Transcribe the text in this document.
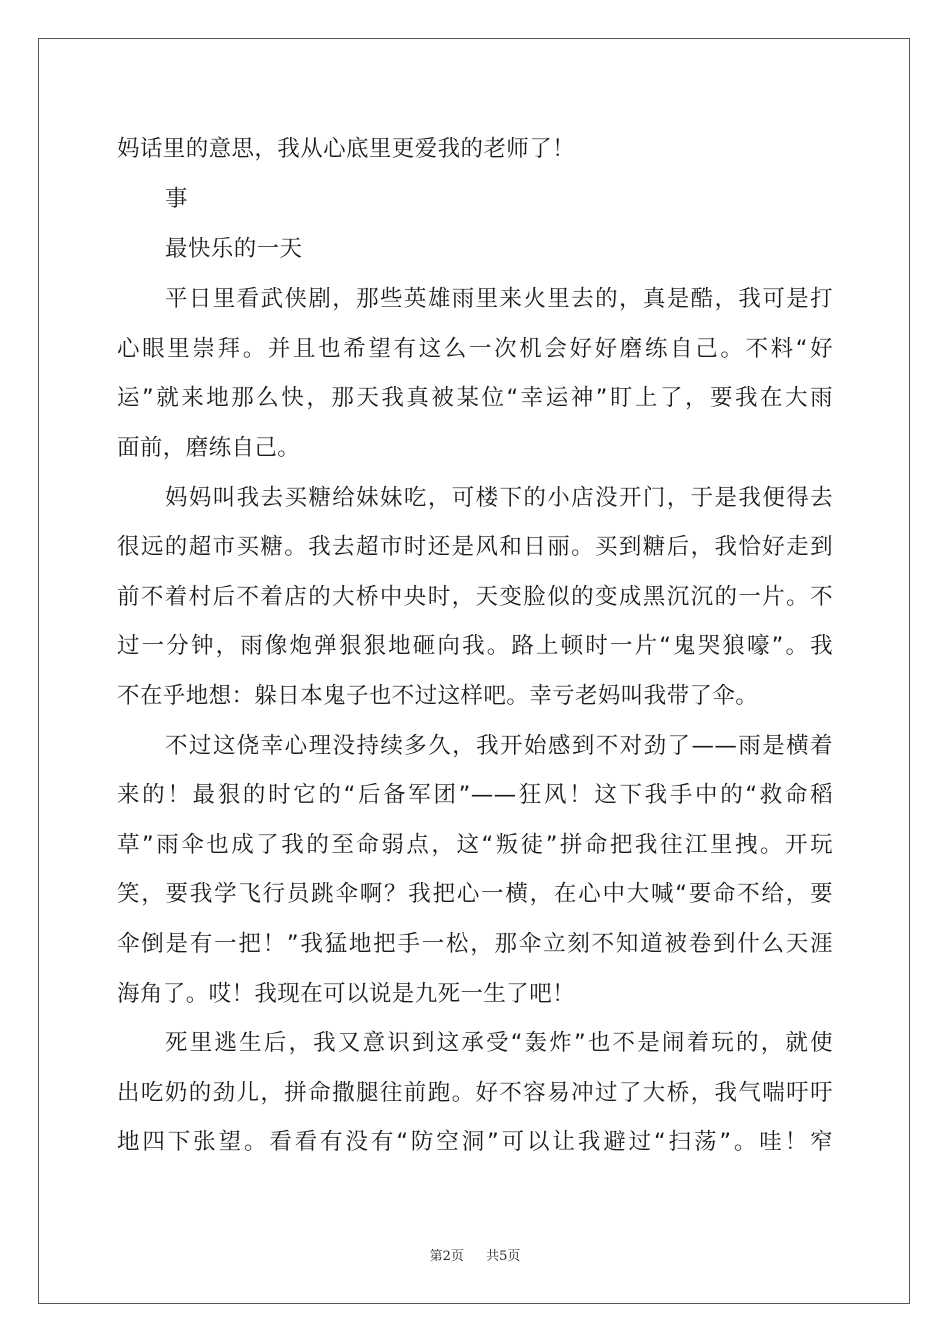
妈话里的意思，我从心底里更爱我的老师了！
事
最快乐的一天
平日里看武侠剧，那些英雄雨里来火里去的，真是酷，我可是打
心眼里崇拜。并且也希望有这么一次机会好好磨练自己。不料“好
运”就来地那么快，那天我真被某位“幸运神”盯上了，要我在大雨
面前，磨练自己。
妈妈叫我去买糖给妹妹吃，可楼下的小店没开门，于是我便得去
很远的超市买糖。我去超市时还是风和日丽。买到糖后，我恰好走到
前不着村后不着店的大桥中央时，天变脸似的变成黑沉沉的一片。不
过一分钟，雨像炮弹狠狠地砸向我。路上顿时一片“鬼哭狼嚎”。我
不在乎地想：躲日本鬼子也不过这样吧。幸亏老妈叫我带了伞。
不过这侥幸心理没持续多久，我开始感到不对劲了——雨是横着
来的！最狠的时它的“后备军团”——狂风！这下我手中的“救命稻
草”雨伞也成了我的至命弱点，这“叛徒”拼命把我往江里拽。开玩
笑，要我学飞行员跳伞啊？我把心一横，在心中大喊“要命不给，要
伞倒是有一把！”我猛地把手一松，那伞立刻不知道被卷到什么天涯
海角了。哎！我现在可以说是九死一生了吧！
死里逃生后，我又意识到这承受“轰炸”也不是闹着玩的，就使
出吃奶的劲儿，拼命撒腿往前跑。好不容易冲过了大桥，我气喘吁吁
地四下张望。看看有没有“防空洞”可以让我避过“扫荡”。哇！窄
第2页 共5页
